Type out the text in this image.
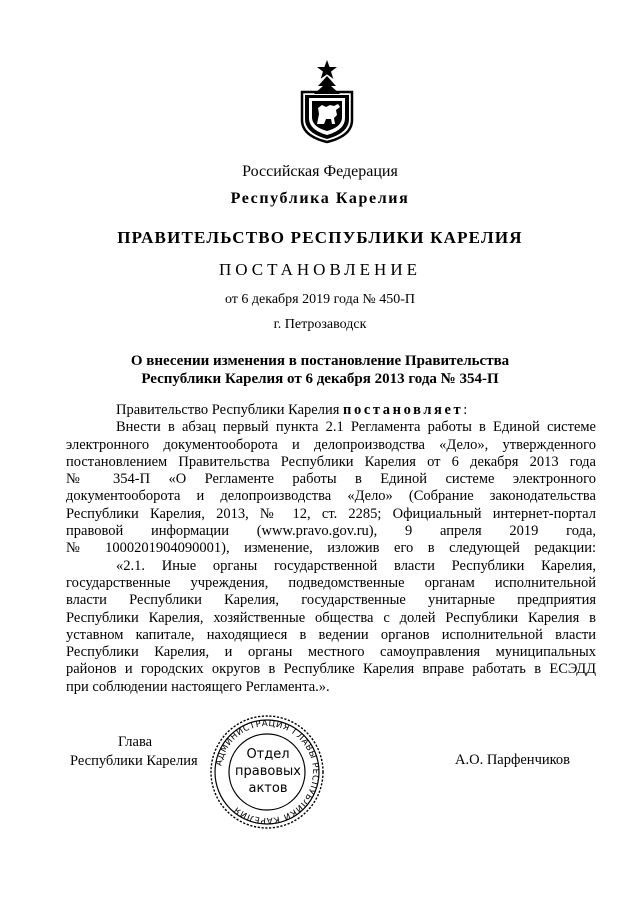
Российская Федерация
Республика Карелия
ПРАВИТЕЛЬСТВО РЕСПУБЛИКИ КАРЕЛИЯ
ПОСТАНОВЛЕНИЕ
от 6 декабря 2019 года № 450-П
г. Петрозаводск
О внесении изменения в постановление Правительства
Республики Карелия от 6 декабря 2013 года № 354-П

Правительство Республики Карелия постановляет:

Внести в абзац первый пункта 2.1 Регламента работы в Единой системе

электронного документооборота и делопроизводства «Дело», утвержденного

постановлением Правительства Республики Карелия от 6 декабря 2013 года

№ 354-П «О Регламенте работы в Единой системе электронного

документооборота и делопроизводства «Дело» (Собрание законодательства

Республики Карелия, 2013, № 12, ст. 2285; Официальный интернет-портал

правовой информации (www.pravo.gov.ru), 9 апреля 2019 года,

№ 1000201904090001), изменение, изложив его в следующей редакции:

«2.1. Иные органы государственной власти Республики Карелия,

государственные учреждения, подведомственные органам исполнительной

власти Республики Карелия, государственные унитарные предприятия

Республики Карелия, хозяйственные общества с долей Республики Карелия в

уставном капитале, находящиеся в ведении органов исполнительной власти

Республики Карелия, и органы местного самоуправления муниципальных

районов и городских округов в Республике Карелия вправе работать в ЕСЭДД

при соблюдении настоящего Регламента.».

Глава
Республики Карелия	А.О. Парфенчиков
АДМИНИСТРАЦИЯ ГЛАВЫ РЕСПУБЛИКИ КАРЕЛИЯ
Отдел
правовых
актов
